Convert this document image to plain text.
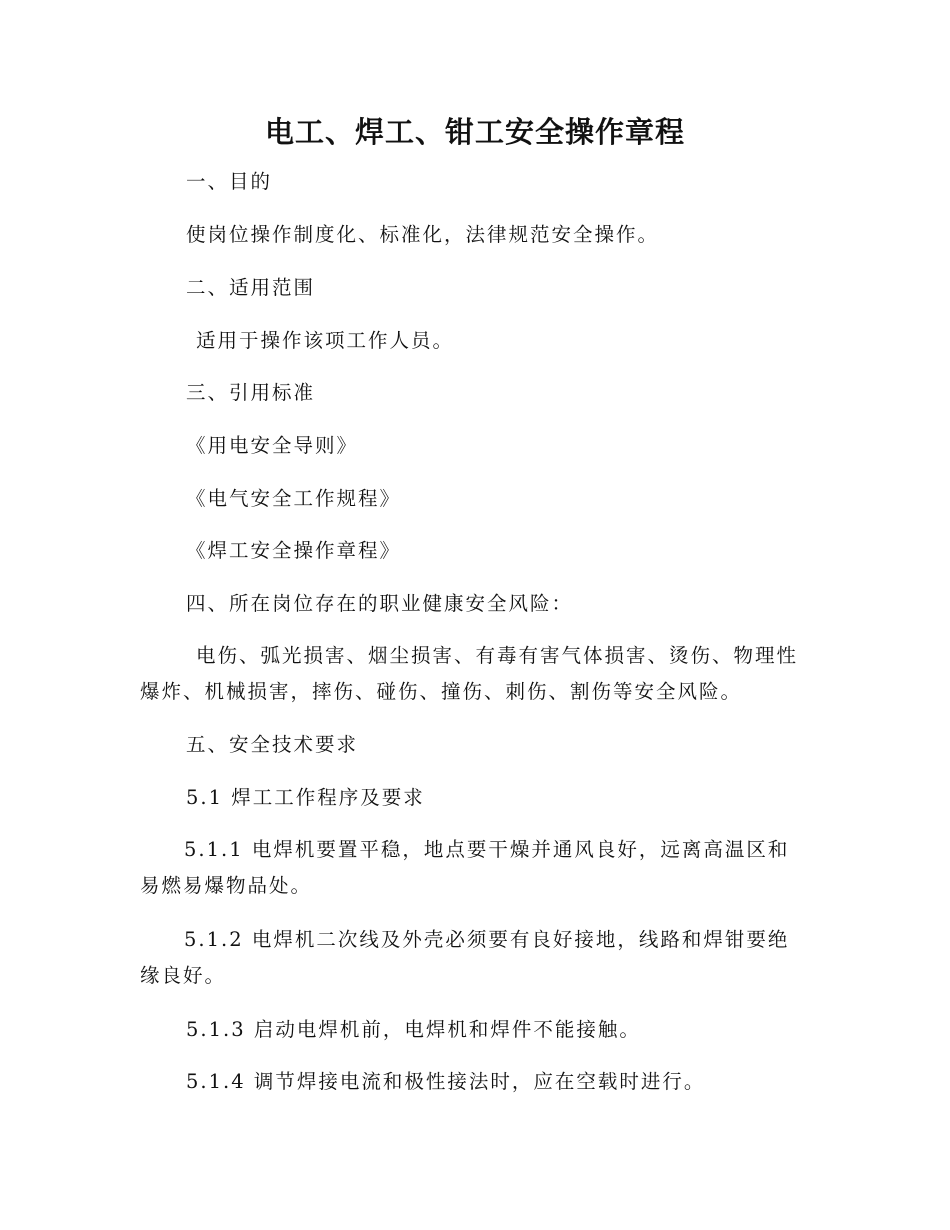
电工、焊工、钳工安全操作章程
一、目的
使岗位操作制度化、标准化，法律规范安全操作。
二、适用范围
适用于操作该项工作人员。
三、引用标准
《用电安全导则》
《电气安全工作规程》
《焊工安全操作章程》
四、所在岗位存在的职业健康安全风险：
电伤、弧光损害、烟尘损害、有毒有害气体损害、烫伤、物理性爆炸、机械损害，摔伤、碰伤、撞伤、刺伤、割伤等安全风险。
五、安全技术要求
5.1 焊工工作程序及要求
5.1.1 电焊机要置平稳，地点要干燥并通风良好，远离高温区和易燃易爆物品处。
5.1.2 电焊机二次线及外壳必须要有良好接地，线路和焊钳要绝缘良好。
5.1.3 启动电焊机前，电焊机和焊件不能接触。
5.1.4 调节焊接电流和极性接法时，应在空载时进行。
